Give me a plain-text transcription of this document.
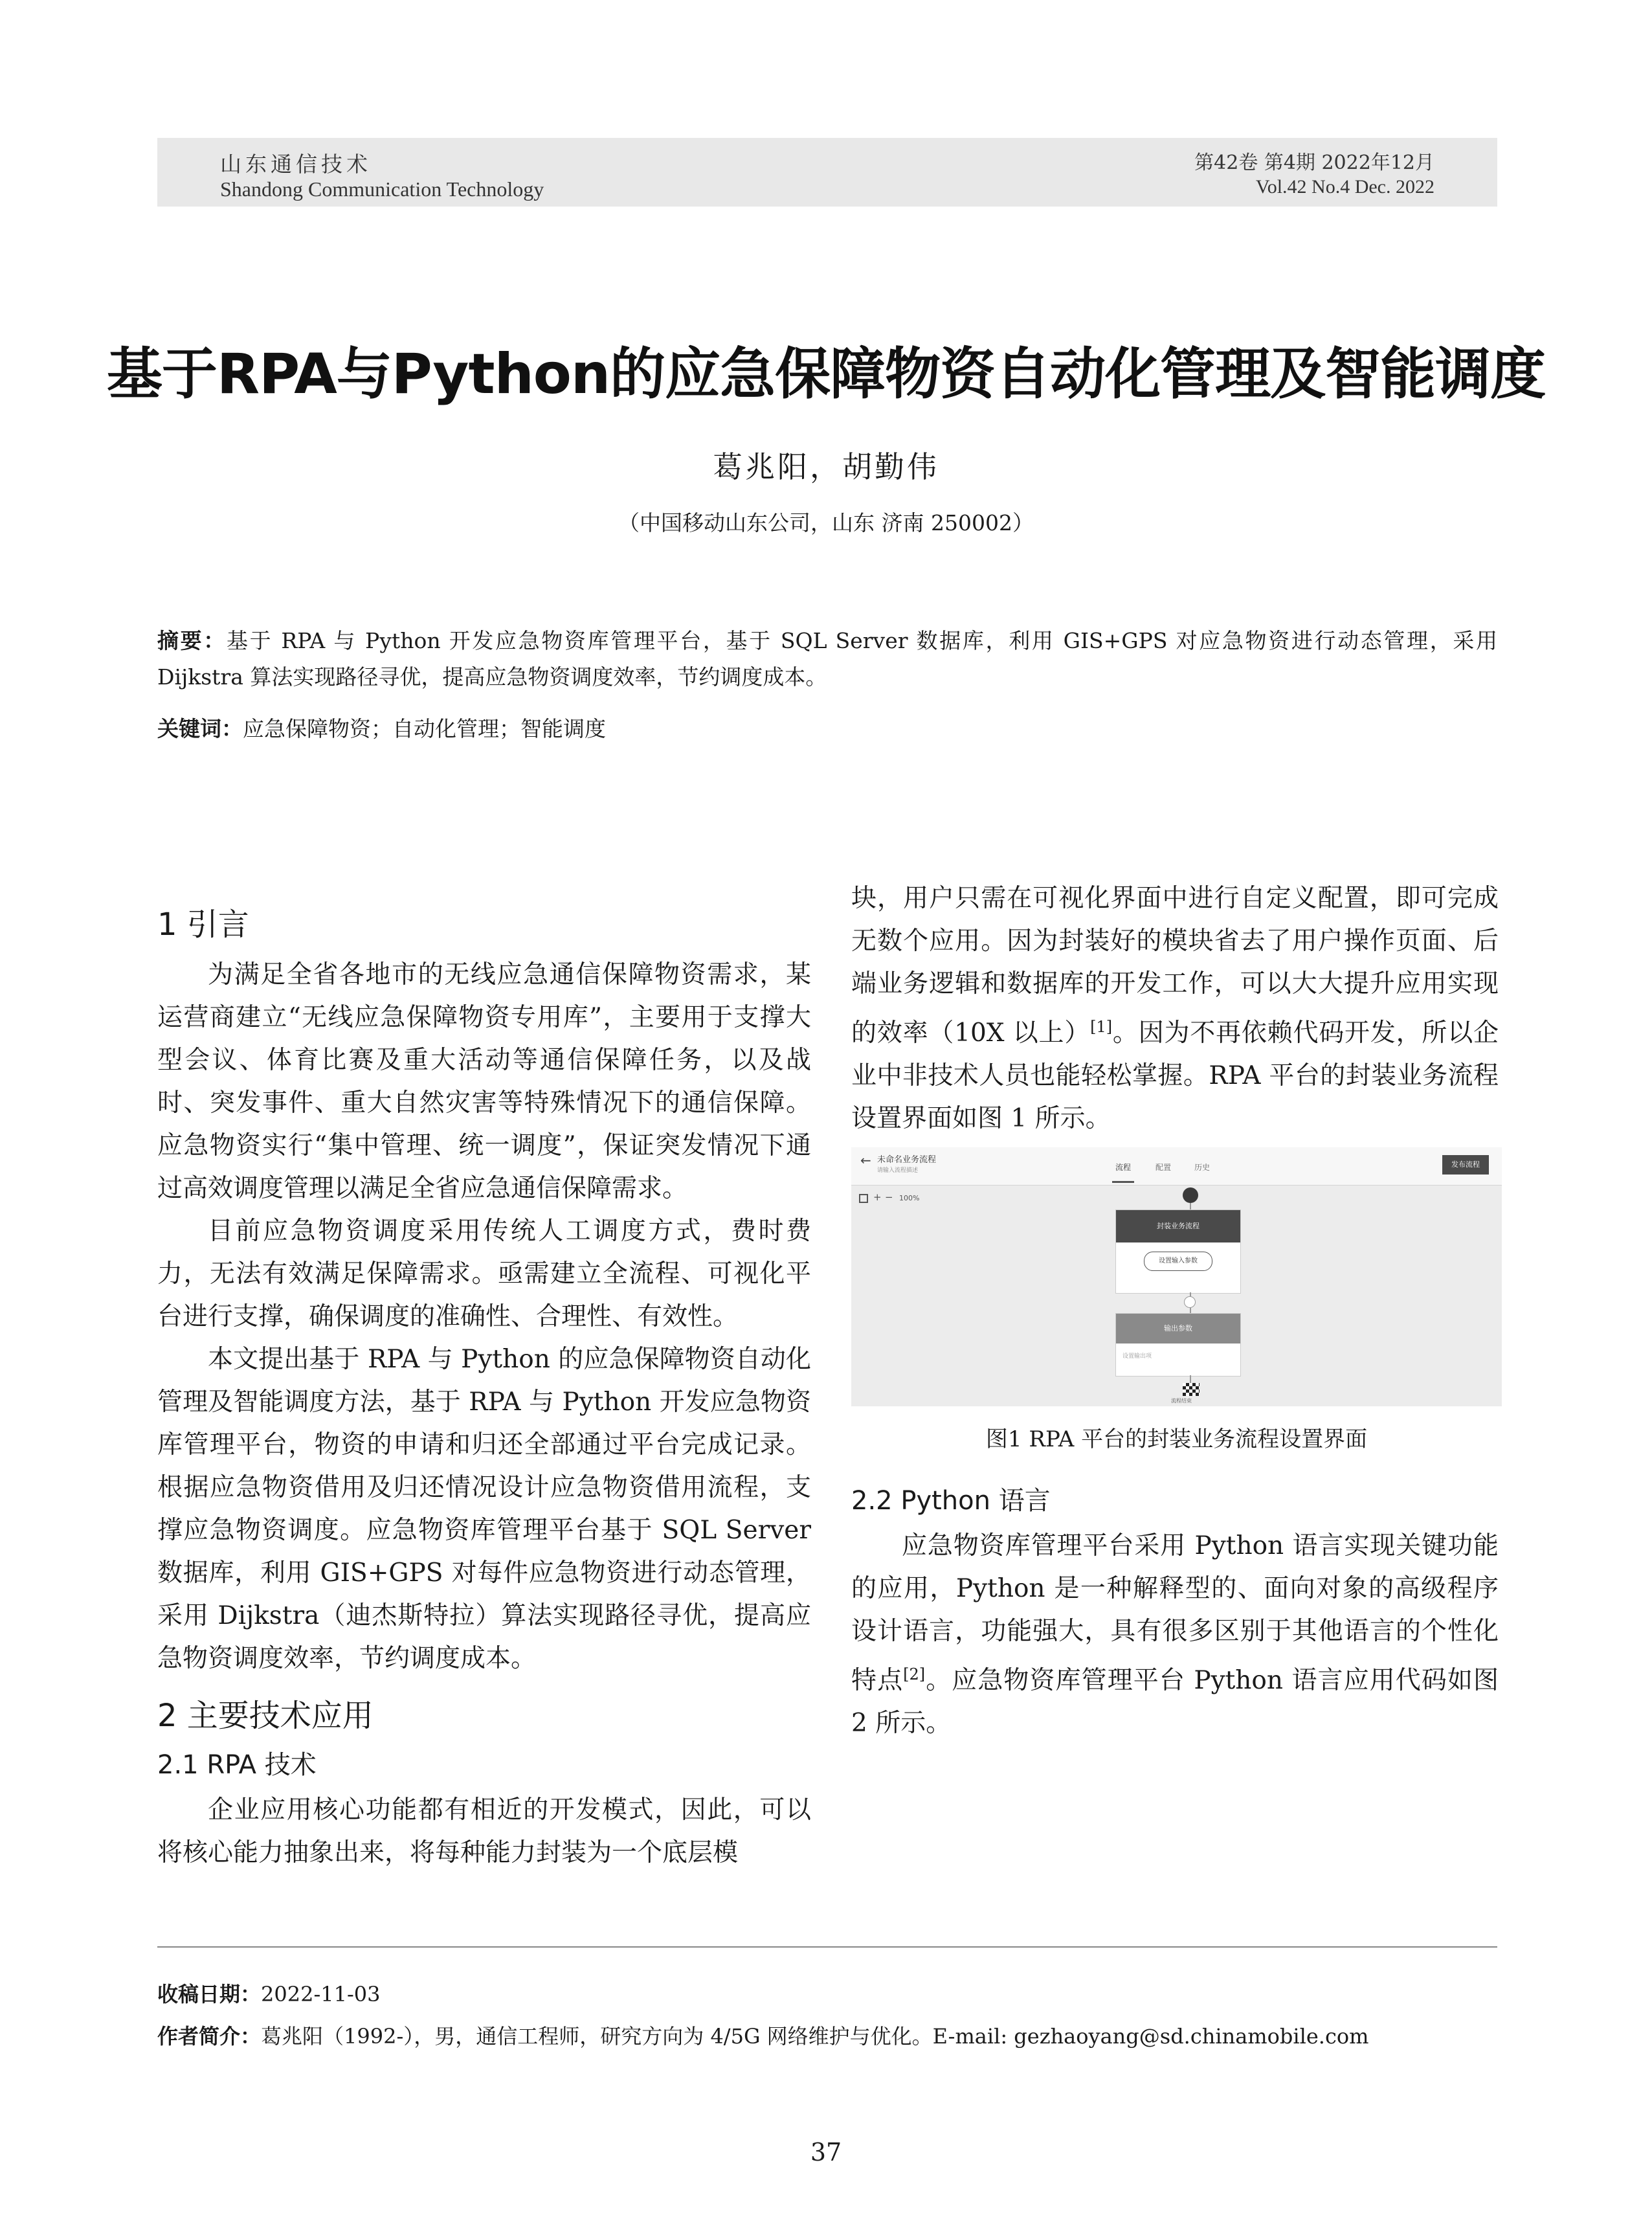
山东通信技术
Shandong Communication Technology
第42卷 第4期 2022年12月
Vol.42 No.4 Dec. 2022
基于RPA与Python的应急保障物资自动化管理及智能调度
葛兆阳，胡勤伟
（中国移动山东公司，山东 济南 250002）
摘要：基于 RPA 与 Python 开发应急物资库管理平台，基于 SQL Server 数据库，利用 GIS+GPS 对应急物资进行动态管理，采用 Dijkstra 算法实现路径寻优，提高应急物资调度效率，节约调度成本。
关键词：应急保障物资；自动化管理；智能调度
1 引言

为满足全省各地市的无线应急通信保障物资需求，某运营商建立“无线应急保障物资专用库”，主要用于支撑大型会议、体育比赛及重大活动等通信保障任务，以及战时、突发事件、重大自然灾害等特殊情况下的通信保障。应急物资实行“集中管理、统一调度”，保证突发情况下通过高效调度管理以满足全省应急通信保障需求。

目前应急物资调度采用传统人工调度方式，费时费力，无法有效满足保障需求。亟需建立全流程、可视化平台进行支撑，确保调度的准确性、合理性、有效性。

本文提出基于 RPA 与 Python 的应急保障物资自动化管理及智能调度方法，基于 RPA 与 Python 开发应急物资库管理平台，物资的申请和归还全部通过平台完成记录。根据应急物资借用及归还情况设计应急物资借用流程，支撑应急物资调度。应急物资库管理平台基于 SQL Server 数据库，利用 GIS+GPS 对每件应急物资进行动态管理，采用 Dijkstra（迪杰斯特拉）算法实现路径寻优，提高应急物资调度效率，节约调度成本。

2 主要技术应用
2.1 RPA 技术

企业应用核心功能都有相近的开发模式，因此，可以将核心能力抽象出来，将每种能力封装为一个底层模

块，用户只需在可视化界面中进行自定义配置，即可完成无数个应用。因为封装好的模块省去了用户操作页面、后端业务逻辑和数据库的开发工作，可以大大提升应用实现的效率（10X 以上）[1]。因为不再依赖代码开发，所以企业中非技术人员也能轻松掌握。RPA 平台的封装业务流程设置界面如图 1 所示。
← 未命名业务流程
请输入流程描述	流程	配置	历史	发布流程
+ − 100%
封装业务流程
设置输入参数
输出参数
设置输出项
流程结束
图1 RPA 平台的封装业务流程设置界面
2.2 Python 语言

应急物资库管理平台采用 Python 语言实现关键功能的应用，Python 是一种解释型的、面向对象的高级程序设计语言，功能强大，具有很多区别于其他语言的个性化特点[2]。应急物资库管理平台 Python 语言应用代码如图 2 所示。

收稿日期：2022-11-03
作者简介：葛兆阳（1992-），男，通信工程师，研究方向为 4/5G 网络维护与优化。E-mail: gezhaoyang@sd.chinamobile.com
37
